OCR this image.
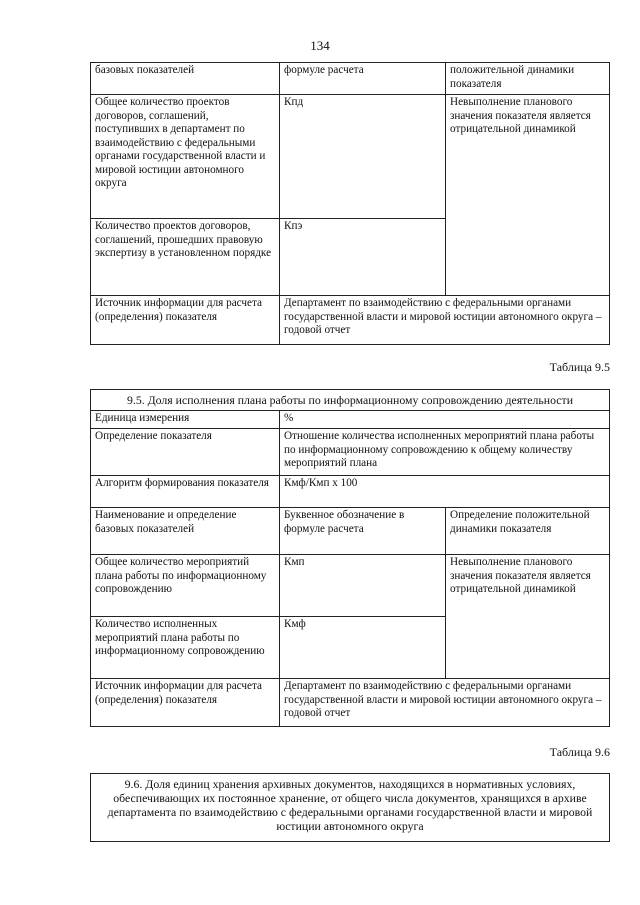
134
базовых показателей	формуле расчета	положительной динамики показателя
Общее количество проектов договоров, соглашений, поступивших в департамент по взаимодействию с федеральными органами государственной власти и мировой юстиции автономного округа	Кпд	Невыполнение планового значения показателя является отрицательной динамикой
Количество проектов договоров, соглашений, прошедших правовую экспертизу в установленном порядке	Кпэ	
Источник информации для расчета (определения) показателя	Департамент по взаимодействию с федеральными органами государственной власти и мировой юстиции автономного округа – годовой отчет	
Таблица 9.5
9.5. Доля исполнения плана работы по информационному сопровождению деятельности		
Единица измерения	%	
Определение показателя	Отношение количества исполненных мероприятий плана работы по информационному сопровождению к общему количеству мероприятий плана	
Алгоритм формирования показателя	Кмф/Кмп х 100	
Наименование и определение базовых показателей	Буквенное обозначение в формуле расчета	Определение положительной динамики показателя
Общее количество мероприятий плана работы по информационному сопровождению	Кмп	Невыполнение планового значения показателя является отрицательной динамикой
Количество исполненных мероприятий плана работы по информационному сопровождению	Кмф	
Источник информации для расчета (определения) показателя	Департамент по взаимодействию с федеральными органами государственной власти и мировой юстиции автономного округа – годовой отчет	
Таблица 9.6
9.6. Доля единиц хранения архивных документов, находящихся в нормативных условиях, обеспечивающих их постоянное хранение, от общего числа документов, хранящихся в архиве департамента по взаимодействию с федеральными органами государственной власти и мировой юстиции автономного округа
